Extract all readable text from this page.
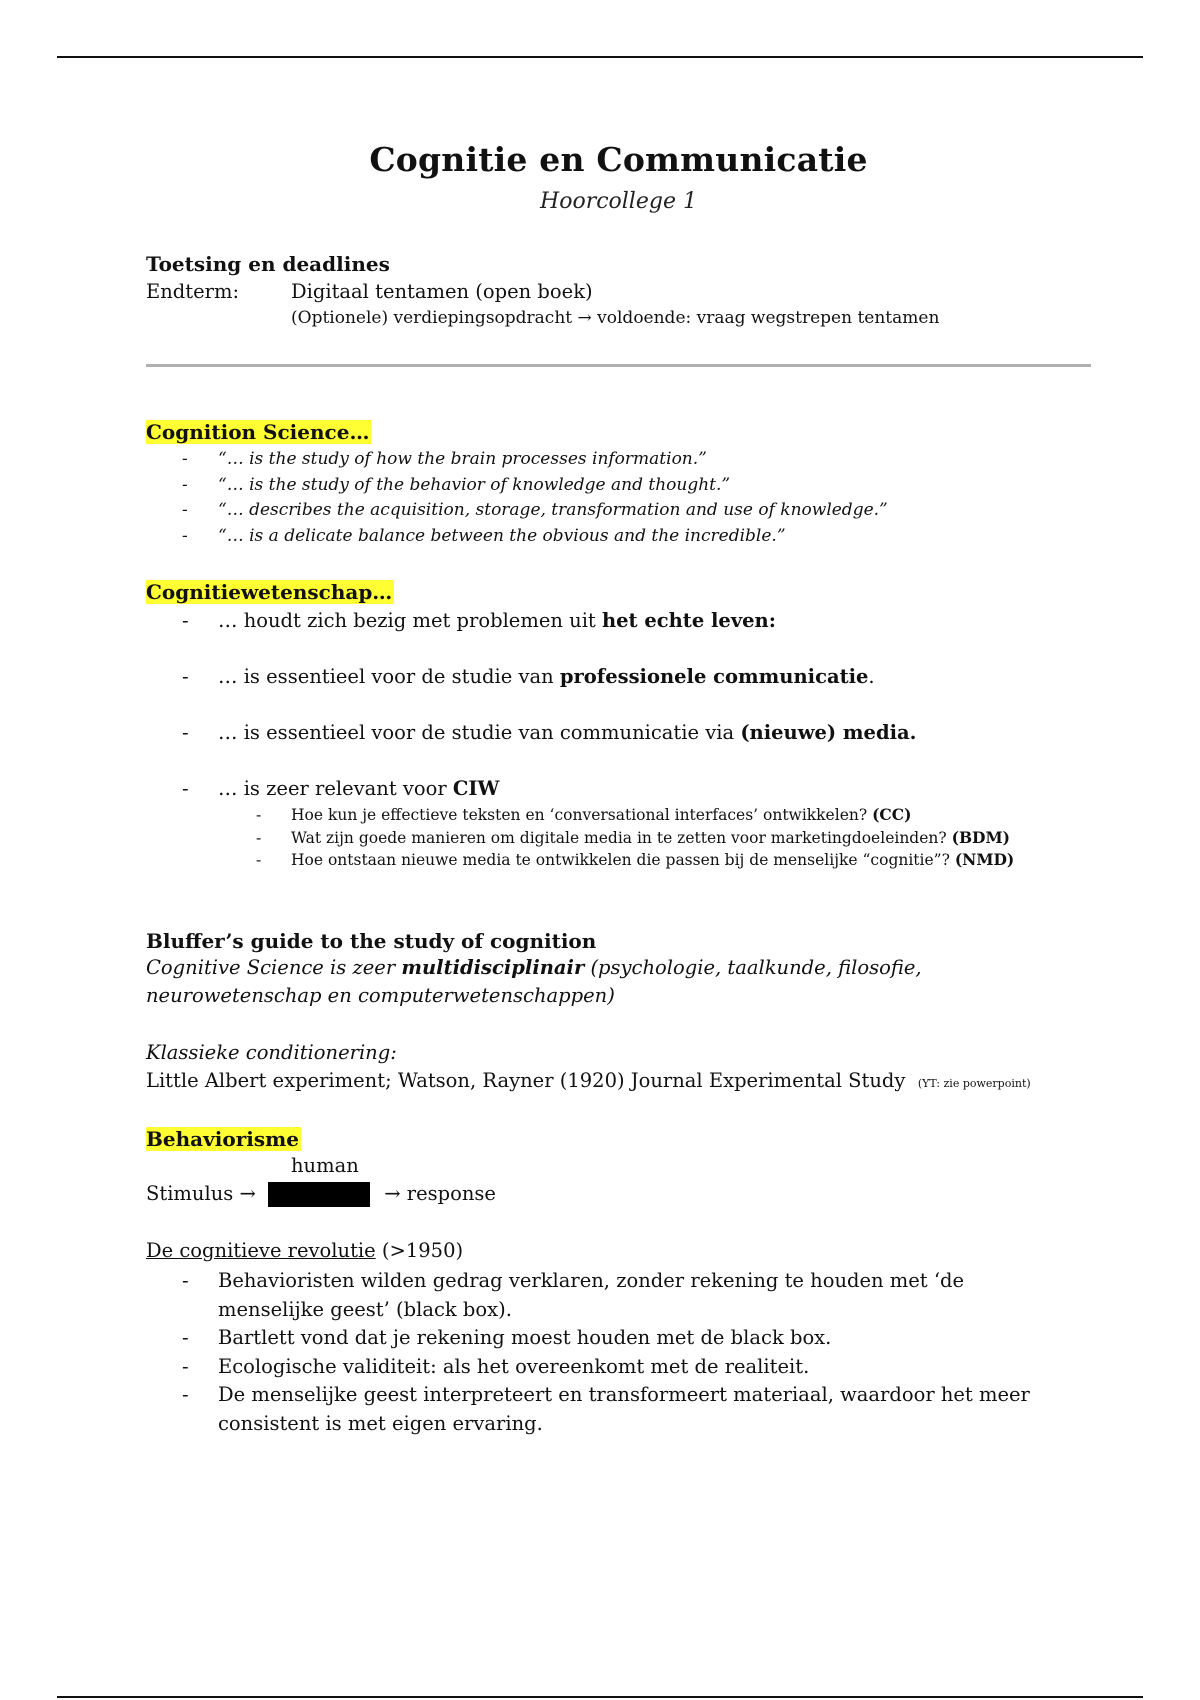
Cognitie en Communicatie
Hoorcollege 1
Toetsing en deadlines
Endterm:	Digitaal tentamen (open boek)
(Optionele) verdiepingsopdracht → voldoende: vraag wegstrepen tentamen
Cognition Science…
- “… is the study of how the brain processes information.”
- “… is the study of the behavior of knowledge and thought.”
- “… describes the acquisition, storage, transformation and use of knowledge.”
- “… is a delicate balance between the obvious and the incredible.”
Cognitiewetenschap…
- … houdt zich bezig met problemen uit het echte leven:
- … is essentieel voor de studie van professionele communicatie.
- … is essentieel voor de studie van communicatie via (nieuwe) media.
- … is zeer relevant voor CIW
- Hoe kun je effectieve teksten en ‘conversational interfaces’ ontwikkelen? (CC)
- Wat zijn goede manieren om digitale media in te zetten voor marketingdoeleinden? (BDM)
- Hoe ontstaan nieuwe media te ontwikkelen die passen bij de menselijke “cognitie”? (NMD)
Bluffer’s guide to the study of cognition
Cognitive Science is zeer multidisciplinair (psychologie, taalkunde, filosofie,
neurowetenschap en computerwetenschappen)
Klassieke conditionering:
Little Albert experiment; Watson, Rayner (1920) Journal Experimental Study (YT: zie powerpoint)
Behaviorisme
human
Stimulus →	→ response
De cognitieve revolutie (>1950)
- Behavioristen wilden gedrag verklaren, zonder rekening te houden met ‘de menselijke geest’ (black box).
- Bartlett vond dat je rekening moest houden met de black box.
- Ecologische validiteit: als het overeenkomt met de realiteit.
- De menselijke geest interpreteert en transformeert materiaal, waardoor het meer consistent is met eigen ervaring.
